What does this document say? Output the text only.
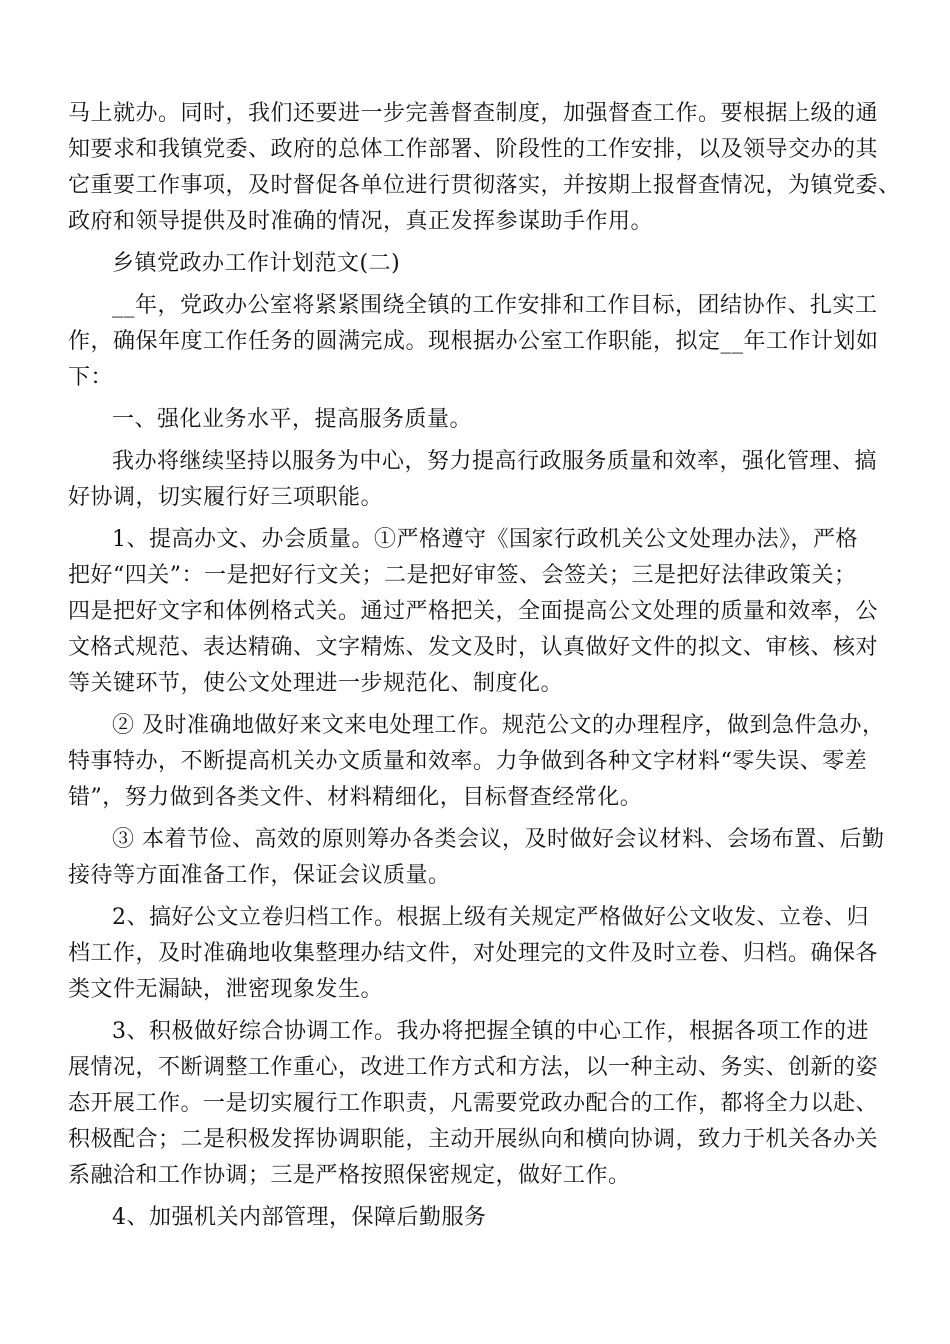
马上就办。同时，我们还要进一步完善督查制度，加强督查工作。要根据上级的通
知要求和我镇党委、政府的总体工作部署、阶段性的工作安排，以及领导交办的其
它重要工作事项，及时督促各单位进行贯彻落实，并按期上报督查情况，为镇党委、
政府和领导提供及时准确的情况，真正发挥参谋助手作用。
乡镇党政办工作计划范文(二)
__年，党政办公室将紧紧围绕全镇的工作安排和工作目标，团结协作、扎实工
作，确保年度工作任务的圆满完成。现根据办公室工作职能，拟定__年工作计划如
下：
一、强化业务水平，提高服务质量。
我办将继续坚持以服务为中心，努力提高行政服务质量和效率，强化管理、搞
好协调，切实履行好三项职能。
1、提高办文、办会质量。①严格遵守《国家行政机关公文处理办法》，严格
把好“四关”：一是把好行文关；二是把好审签、会签关；三是把好法律政策关；
四是把好文字和体例格式关。通过严格把关，全面提高公文处理的质量和效率，公
文格式规范、表达精确、文字精炼、发文及时，认真做好文件的拟文、审核、核对
等关键环节，使公文处理进一步规范化、制度化。
② 及时准确地做好来文来电处理工作。规范公文的办理程序，做到急件急办，
特事特办，不断提高机关办文质量和效率。力争做到各种文字材料“零失误、零差
错”，努力做到各类文件、材料精细化，目标督查经常化。
③ 本着节俭、高效的原则筹办各类会议，及时做好会议材料、会场布置、后勤
接待等方面准备工作，保证会议质量。
2、搞好公文立卷归档工作。根据上级有关规定严格做好公文收发、立卷、归
档工作，及时准确地收集整理办结文件，对处理完的文件及时立卷、归档。确保各
类文件无漏缺，泄密现象发生。
3、积极做好综合协调工作。我办将把握全镇的中心工作，根据各项工作的进
展情况，不断调整工作重心，改进工作方式和方法，以一种主动、务实、创新的姿
态开展工作。一是切实履行工作职责，凡需要党政办配合的工作，都将全力以赴、
积极配合；二是积极发挥协调职能，主动开展纵向和横向协调，致力于机关各办关
系融洽和工作协调；三是严格按照保密规定，做好工作。
4、加强机关内部管理，保障后勤服务
